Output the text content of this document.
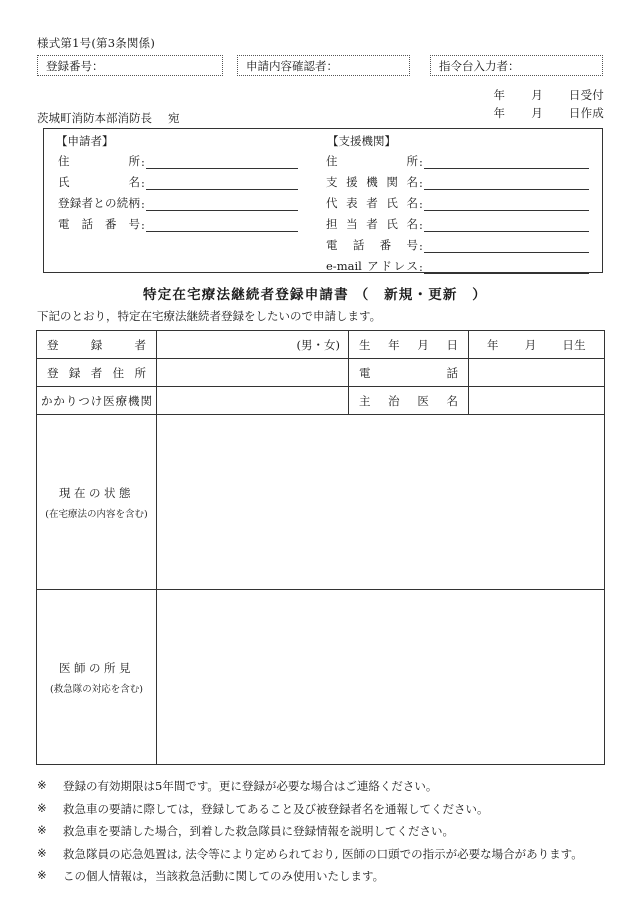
様式第1号(第3条関係)
登録番号：	申請内容確認者：	指令台入力者：
年 月 日受付
年 月 日作成
茨城町消防本部消防長 宛
【申請者】	【支援機関】
住　　所 :
氏　　名 :
登録者との続柄 :
電話番号 :
住　　所 :
支援機関名 :
代表者氏名 :
担当者氏名 :
電話番号 :
e-mail アドレス :
特定在宅療法継続者登録申請書 （　新規・更新　）
下記のとおり，特定在宅療法継続者登録をしたいので申請します。
登録者	(男・女)	生年月日	年 月 日生
登録者住所		電話	
かかりつけ医療機関		主治医名	

現在の状態
(在宅療法の内容を含む)			

医師の所見
(救急隊の対応を含む)			

※	登録の有効期限は5年間です。更に登録が必要な場合はご連絡ください。
※	救急車の要請に際しては，登録してあること及び被登録者名を通報してください。
※	救急車を要請した場合，到着した救急隊員に登録情報を説明してください。
※	救急隊員の応急処置は, 法令等により定められており, 医師の口頭での指示が必要な場合があります。
※	この個人情報は，当該救急活動に関してのみ使用いたします。
